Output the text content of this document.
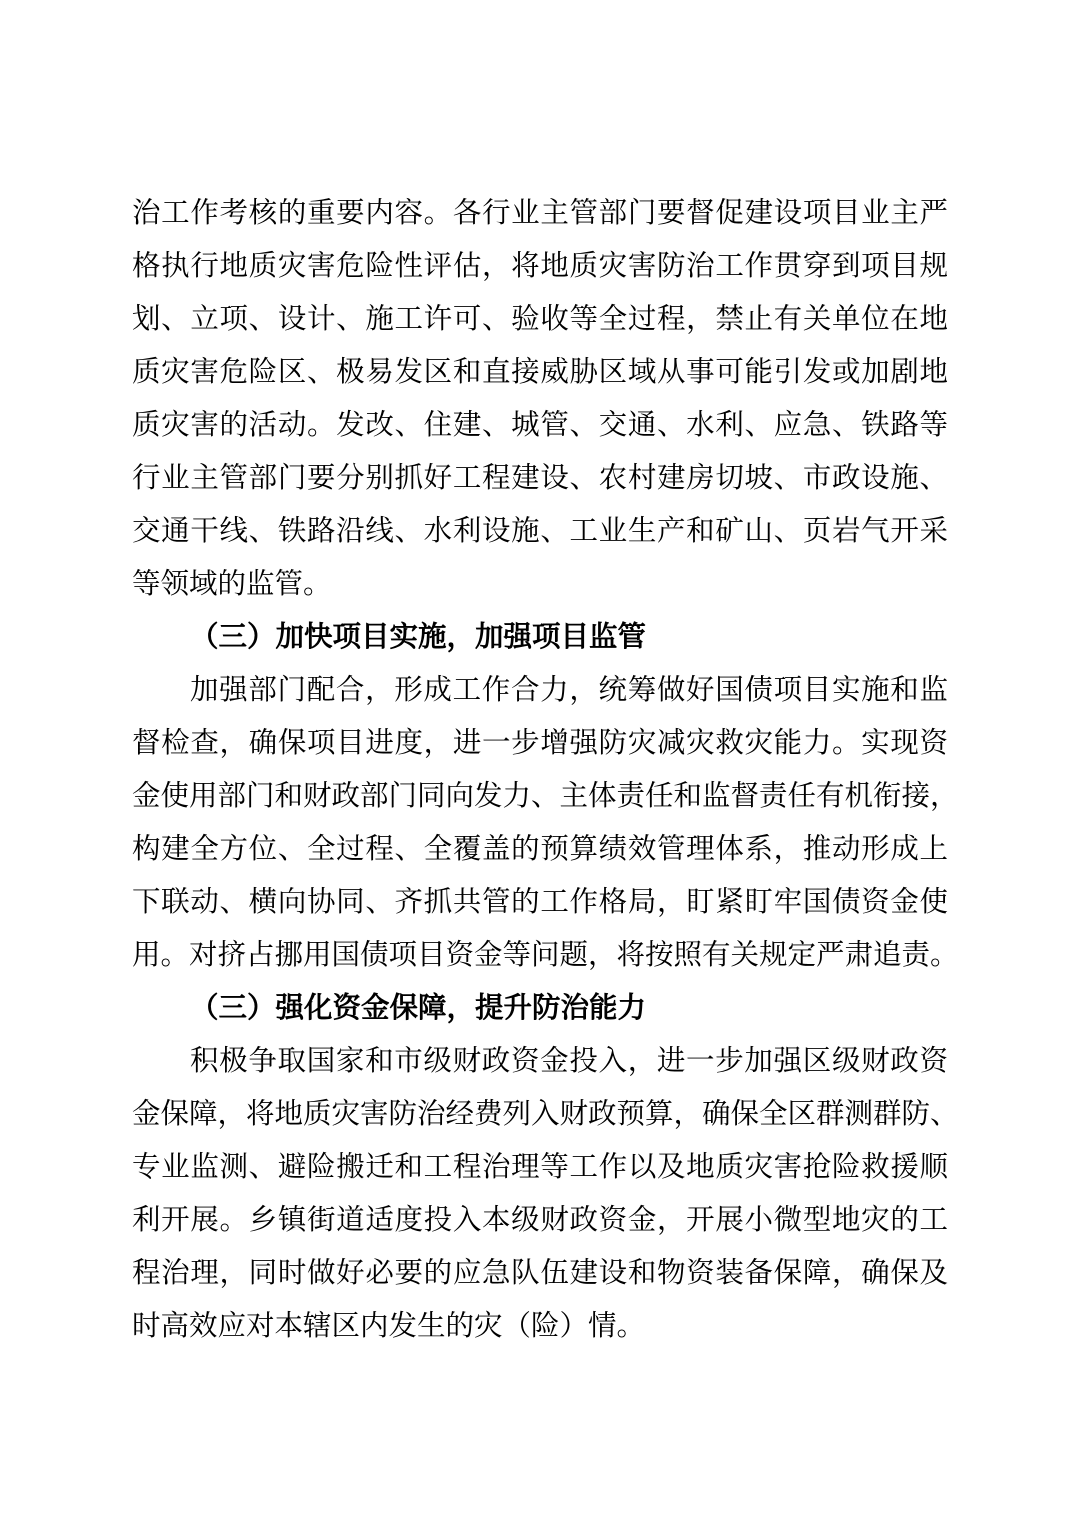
治工作考核的重要内容。各行业主管部门要督促建设项目业主严
格执行地质灾害危险性评估，将地质灾害防治工作贯穿到项目规
划、立项、设计、施工许可、验收等全过程，禁止有关单位在地
质灾害危险区、极易发区和直接威胁区域从事可能引发或加剧地
质灾害的活动。发改、住建、城管、交通、水利、应急、铁路等
行业主管部门要分别抓好工程建设、农村建房切坡、市政设施、
交通干线、铁路沿线、水利设施、工业生产和矿山、页岩气开采
等领域的监管。
（三）加快项目实施，加强项目监管
加强部门配合，形成工作合力，统筹做好国债项目实施和监
督检查，确保项目进度，进一步增强防灾减灾救灾能力。实现资
金使用部门和财政部门同向发力、主体责任和监督责任有机衔接，
构建全方位、全过程、全覆盖的预算绩效管理体系，推动形成上
下联动、横向协同、齐抓共管的工作格局，盯紧盯牢国债资金使
用。对挤占挪用国债项目资金等问题，将按照有关规定严肃追责。
（三）强化资金保障，提升防治能力
积极争取国家和市级财政资金投入，进一步加强区级财政资
金保障，将地质灾害防治经费列入财政预算，确保全区群测群防、
专业监测、避险搬迁和工程治理等工作以及地质灾害抢险救援顺
利开展。乡镇街道适度投入本级财政资金，开展小微型地灾的工
程治理，同时做好必要的应急队伍建设和物资装备保障，确保及
时高效应对本辖区内发生的灾（险）情。
